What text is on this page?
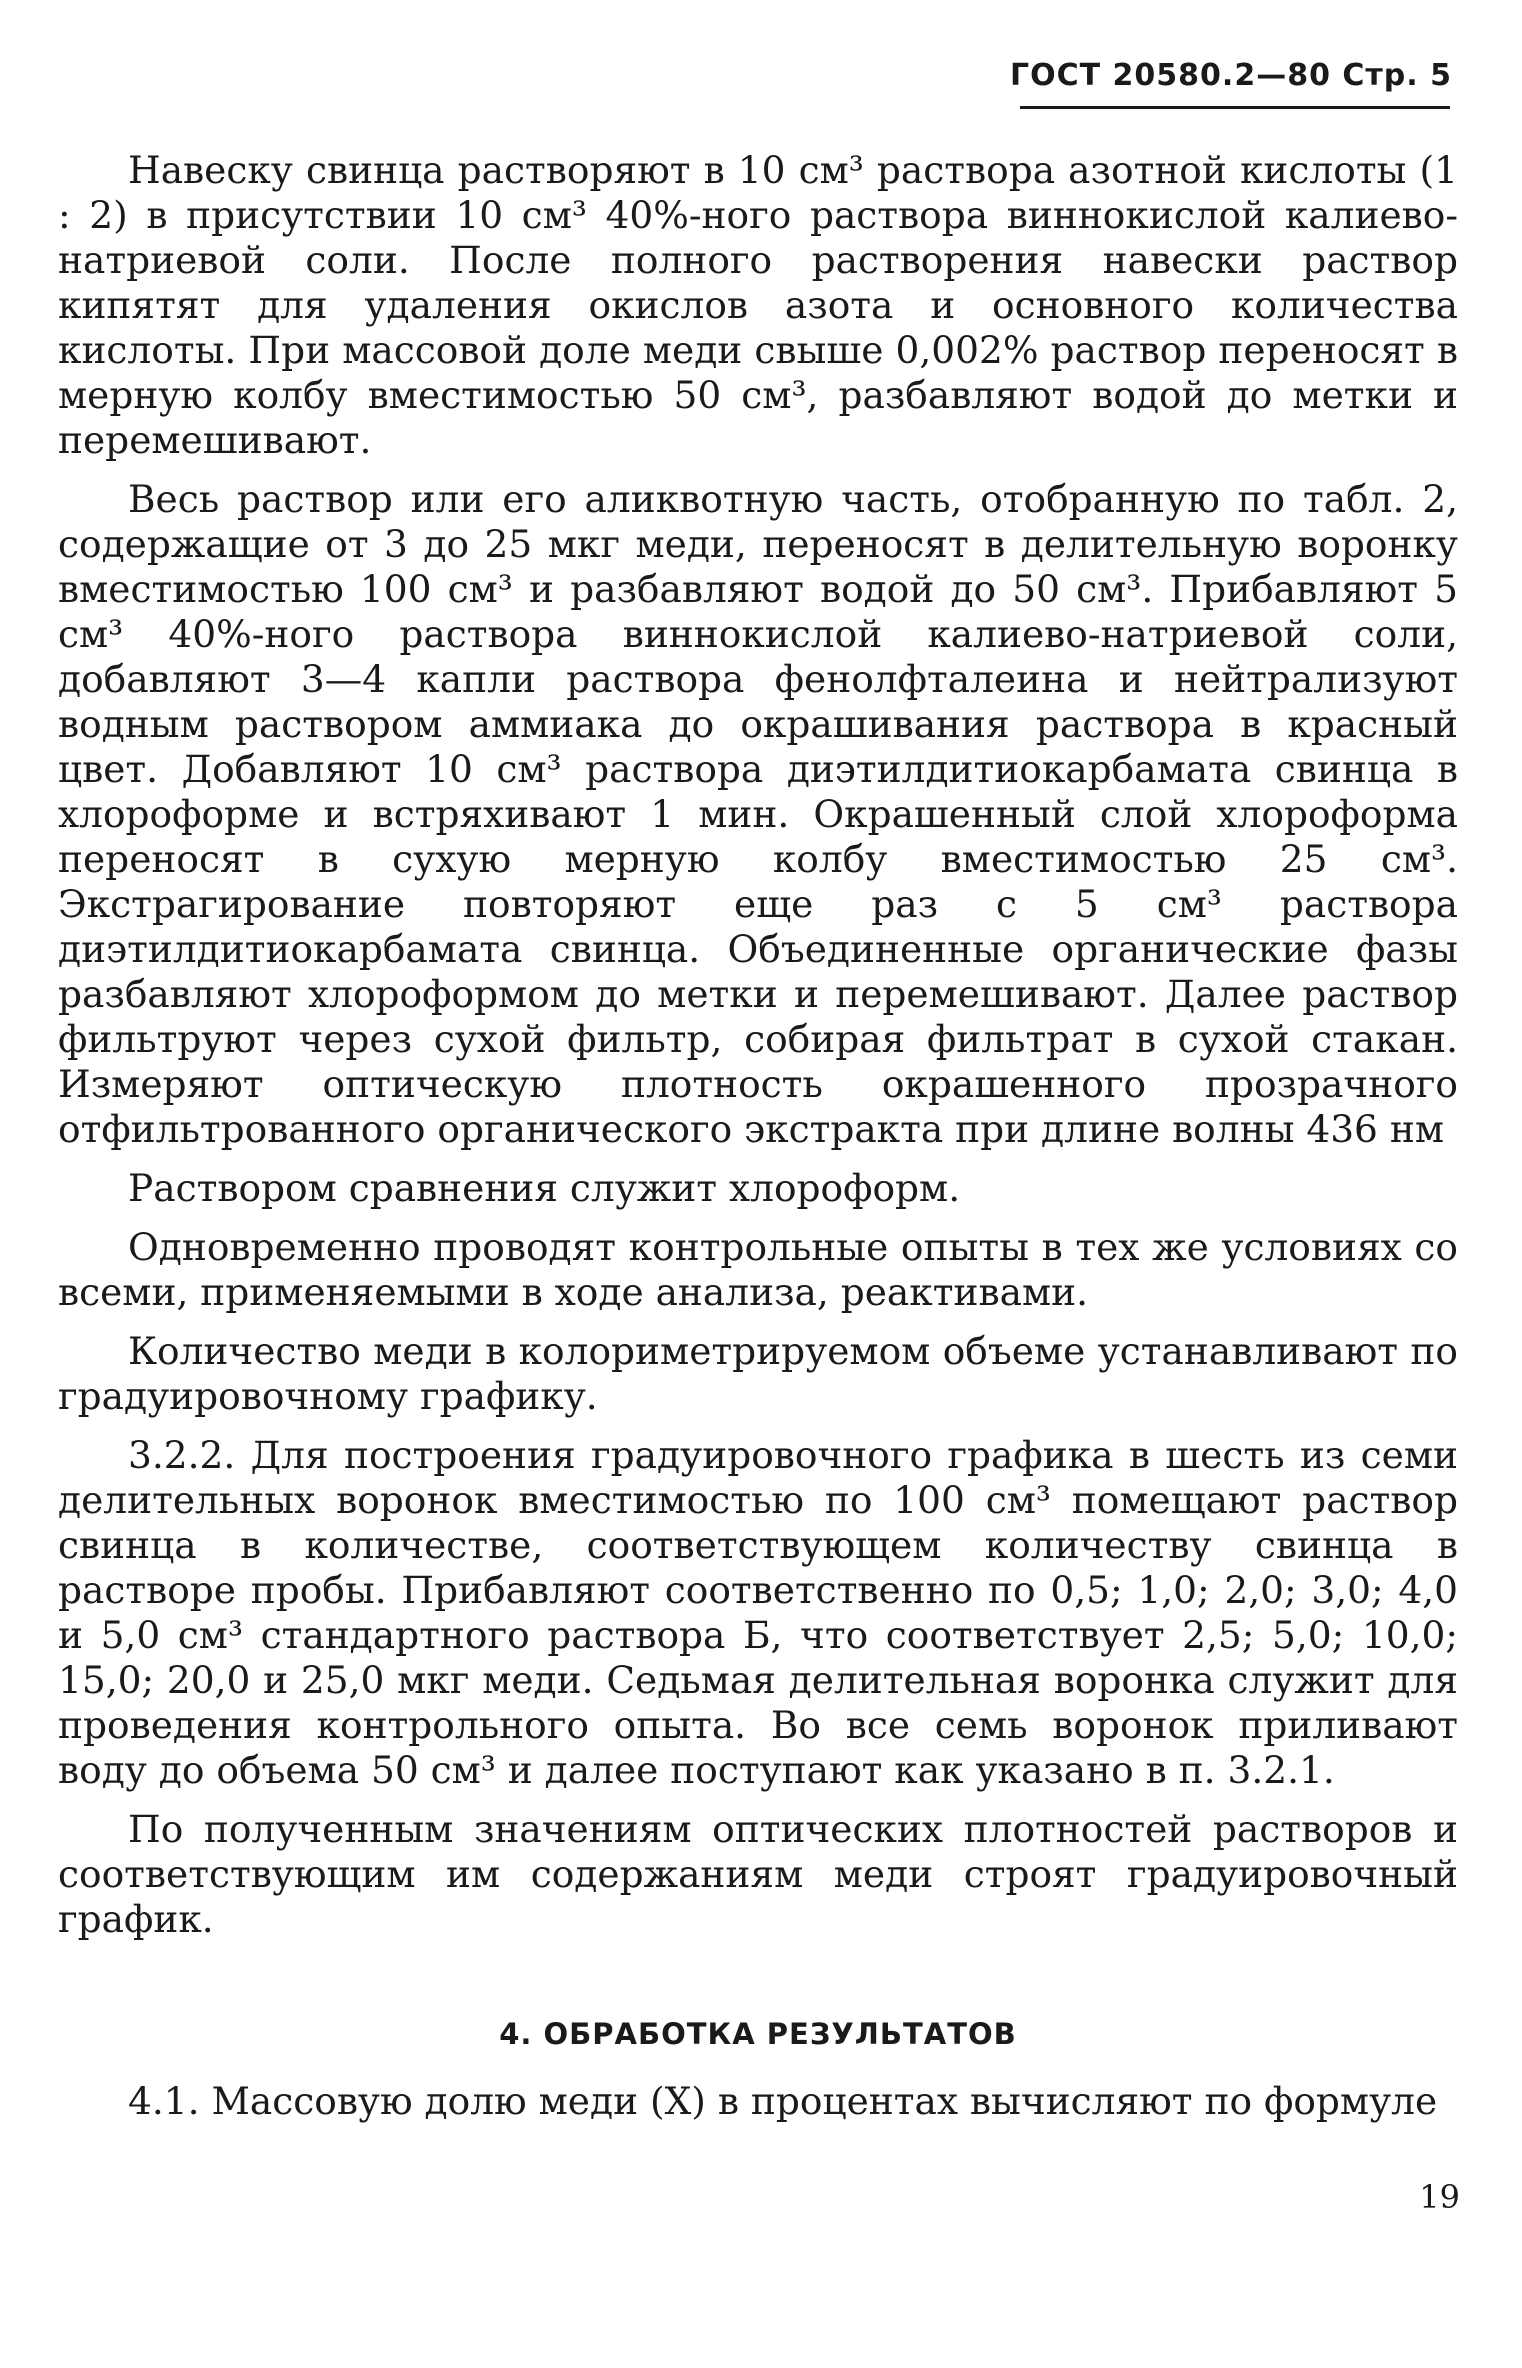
ГОСТ 20580.2—80 Стр. 5

Навеску свинца растворяют в 10 см³ раствора азотной кислоты (1 : 2) в присутствии 10 см³ 40%-ного раствора виннокислой калиево-натриевой соли. После полного растворения навески раствор кипятят для удаления окислов азота и основного количества кислоты. При массовой доле меди свыше 0,002% раствор переносят в мерную колбу вместимостью 50 см³, разбавляют водой до метки и перемешивают.

Весь раствор или его аликвотную часть, отобранную по табл. 2, содержащие от 3 до 25 мкг меди, переносят в делительную воронку вместимостью 100 см³ и разбавляют водой до 50 см³. Прибавляют 5 см³ 40%-ного раствора виннокислой калиево-натриевой соли, добавляют 3—4 капли раствора фенолфталеина и нейтрализуют водным раствором аммиака до окрашивания раствора в красный цвет. Добавляют 10 см³ раствора диэтилдитиокарбамата свинца в хлороформе и встряхивают 1 мин. Окрашенный слой хлороформа переносят в сухую мерную колбу вместимостью 25 см³. Экстрагирование повторяют еще раз с 5 см³ раствора диэтилдитиокарбамата свинца. Объединенные органические фазы разбавляют хлороформом до метки и перемешивают. Далее раствор фильтруют через сухой фильтр, собирая фильтрат в сухой стакан. Измеряют оптическую плотность окрашенного прозрачного отфильтрованного органического экстракта при длине волны 436 нм

Раствором сравнения служит хлороформ.

Одновременно проводят контрольные опыты в тех же условиях со всеми, применяемыми в ходе анализа, реактивами.

Количество меди в колориметрируемом объеме устанавливают по градуировочному графику.

3.2.2. Для построения градуировочного графика в шесть из семи делительных воронок вместимостью по 100 см³ помещают раствор свинца в количестве, соответствующем количеству свинца в растворе пробы. Прибавляют соответственно по 0,5; 1,0; 2,0; 3,0; 4,0 и 5,0 см³ стандартного раствора Б, что соответствует 2,5; 5,0; 10,0; 15,0; 20,0 и 25,0 мкг меди. Седьмая делительная воронка служит для проведения контрольного опыта. Во все семь воронок приливают воду до объема 50 см³ и далее поступают как указано в п. 3.2.1.

По полученным значениям оптических плотностей растворов и соответствующим им содержаниям меди строят градуировочный график.

4. ОБРАБОТКА РЕЗУЛЬТАТОВ

4.1. Массовую долю меди (X) в процентах вычисляют по формуле

19
